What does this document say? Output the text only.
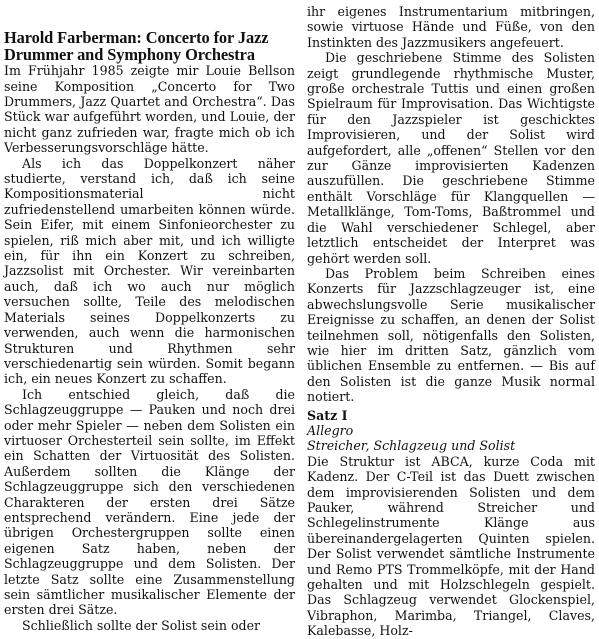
Harold Farberman: Concerto for Jazz Drummer and Symphony Orchestra

Im Frühjahr 1985 zeigte mir Louie Bellson seine Komposition „Concerto for Two Drummers, Jazz Quartet and Orchestra“. Das Stück war aufgeführt worden, und Louie, der nicht ganz zufrieden war, fragte mich ob ich Verbesserungsvorschläge hätte.

Als ich das Doppelkonzert näher studierte, verstand ich, daß ich seine Kompositionsmaterial nicht zufriedenstellend umarbeiten können würde. Sein Eifer, mit einem Sinfonieorchester zu spielen, riß mich aber mit, und ich willigte ein, für ihn ein Konzert zu schreiben, Jazzsolist mit Orchester. Wir vereinbarten auch, daß ich wo auch nur möglich versuchen sollte, Teile des melodischen Materials seines Doppelkonzerts zu verwenden, auch wenn die harmonischen Strukturen und Rhythmen sehr verschiedenartig sein würden. Somit begann ich, ein neues Konzert zu schaffen.

Ich entschied gleich, daß die Schlagzeuggruppe — Pauken und noch drei oder mehr Spieler — neben dem Solisten ein virtuoser Orchesterteil sein sollte, im Effekt ein Schatten der Virtuosität des Solisten. Außerdem sollten die Klänge der Schlagzeuggruppe sich den verschiedenen Charakteren der ersten drei Sätze entsprechend verändern. Eine jede der übrigen Orchestergruppen sollte einen eigenen Satz haben, neben der Schlagzeuggruppe und dem Solisten. Der letzte Satz sollte eine Zusammenstellung sein sämtlicher musikalischer Elemente der ersten drei Sätze.

Schließlich sollte der Solist sein oder

ihr eigenes Instrumentarium mitbringen, sowie virtuose Hände und Füße, von den Instinkten des Jazzmusikers angefeuert.

Die geschriebene Stimme des Solisten zeigt grundlegende rhythmische Muster, große orchestrale Tuttis und einen großen Spielraum für Improvisation. Das Wichtigste für den Jazzspieler ist geschicktes Improvisieren, und der Solist wird aufgefordert, alle „offenen“ Stellen vor den zur Gänze improvisierten Kadenzen auszufüllen. Die geschriebene Stimme enthält Vorschläge für Klangquellen — Metallklänge, Tom-Toms, Baßtrommel und die Wahl verschiedener Schlegel, aber letztlich entscheidet der Interpret was gehört werden soll.

Das Problem beim Schreiben eines Konzerts für Jazzschlagzeuger ist, eine abwechslungsvolle Serie musikalischer Ereignisse zu schaffen, an denen der Solist teilnehmen soll, nötigenfalls den Solisten, wie hier im dritten Satz, gänzlich vom üblichen Ensemble zu entfernen. — Bis auf den Solisten ist die ganze Musik normal notiert.

Satz I

Allegro

Streicher, Schlagzeug und Solist

Die Struktur ist ABCA, kurze Coda mit Kadenz. Der C-Teil ist das Duett zwischen dem improvisierenden Solisten und dem Pauker, während Streicher und Schlegelinstrumente Klänge aus übereinandergelagerten Quinten spielen. Der Solist verwendet sämtliche Instrumente und Remo PTS Trommelköpfe, mit der Hand gehalten und mit Holzschlegeln gespielt. Das Schlagzeug verwendet Glockenspiel, Vibraphon, Marimba, Triangel, Claves, Kalebasse, Holz-
